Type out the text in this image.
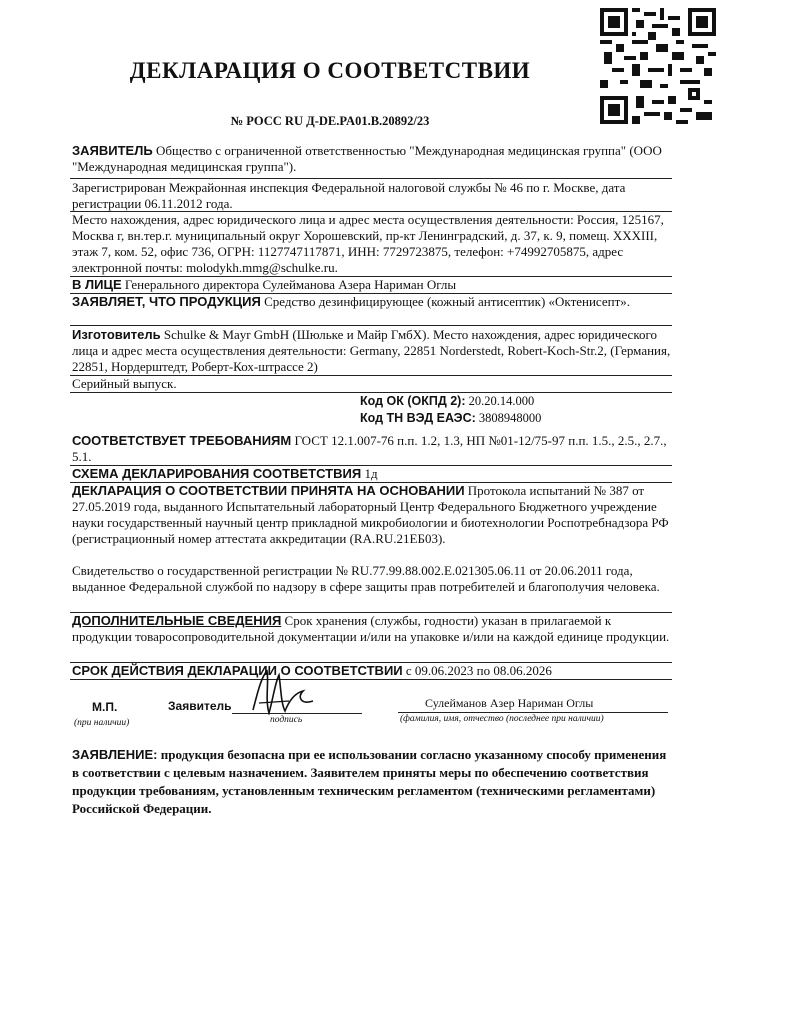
ДЕКЛАРАЦИЯ О СООТВЕТСТВИИ
№ РОСС RU Д-DE.PA01.B.20892/23
ЗАЯВИТЕЛЬ Общество с ограниченной ответственностью "Международная медицинская группа" (ООО "Международная медицинская группа").
Зарегистрирован Межрайонная инспекция Федеральной налоговой службы № 46 по г. Москве, дата регистрации 06.11.2012 года.
Место нахождения, адрес юридического лица и адрес места осуществления деятельности: Россия, 125167, Москва г, вн.тер.г. муниципальный округ Хорошевский, пр-кт Ленинградский, д. 37, к. 9, помещ. XXXIII, этаж 7, ком. 52, офис 736, ОГРН: 1127747117871, ИНН: 7729723875, телефон: +74992705875, адрес электронной почты: molodykh.mmg@schulke.ru.
В ЛИЦЕ Генерального директора Сулейманова Азера Нариман Оглы
ЗАЯВЛЯЕТ, ЧТО ПРОДУКЦИЯ Средство дезинфицирующее (кожный антисептик) «Октенисепт».
Изготовитель Schulke & Mayr GmbH (Шюльке и Майр ГмбХ). Место нахождения, адрес юридического лица и адрес места осуществления деятельности: Germany, 22851 Norderstedt, Robert-Koch-Str.2, (Германия, 22851, Нордерштедт, Роберт-Кох-штрассе 2)
Серийный выпуск.
Код ОК (ОКПД 2): 20.20.14.000
Код ТН ВЭД ЕАЭС: 3808948000
СООТВЕТСТВУЕТ ТРЕБОВАНИЯМ ГОСТ 12.1.007-76 п.п. 1.2, 1.3, НП №01-12/75-97 п.п. 1.5., 2.5., 2.7., 5.1.
СХЕМА ДЕКЛАРИРОВАНИЯ СООТВЕТСТВИЯ 1д
ДЕКЛАРАЦИЯ О СООТВЕТСТВИИ ПРИНЯТА НА ОСНОВАНИИ Протокола испытаний № 387 от 27.05.2019 года, выданного Испытательный лабораторный Центр Федерального Бюджетного учреждение науки государственный научный центр прикладной микробиологии и биотехнологии Роспотребнадзора РФ (регистрационный номер аттестата аккредитации (RA.RU.21ЕБ03).
Свидетельство о государственной регистрации № RU.77.99.88.002.E.021305.06.11 от 20.06.2011 года, выданное Федеральной службой по надзору в сфере защиты прав потребителей и благополучия человека.
ДОПОЛНИТЕЛЬНЫЕ СВЕДЕНИЯ Срок хранения (службы, годности) указан в прилагаемой к продукции товаросопроводительной документации и/или на упаковке и/или на каждой единице продукции.
СРОК ДЕЙСТВИЯ ДЕКЛАРАЦИИ О СООТВЕТСТВИИ с 09.06.2023 по 08.06.2026
М.П.
(при наличии)
Заявитель
подпись
Сулейманов Азер Нариман Оглы
(фамилия, имя, отчество (последнее при наличии)
ЗАЯВЛЕНИЕ: продукция безопасна при ее использовании согласно указанному способу применения в соответствии с целевым назначением. Заявителем приняты меры по обеспечению соответствия продукции требованиям, установленным техническим регламентом (техническими регламентами) Российской Федерации.
